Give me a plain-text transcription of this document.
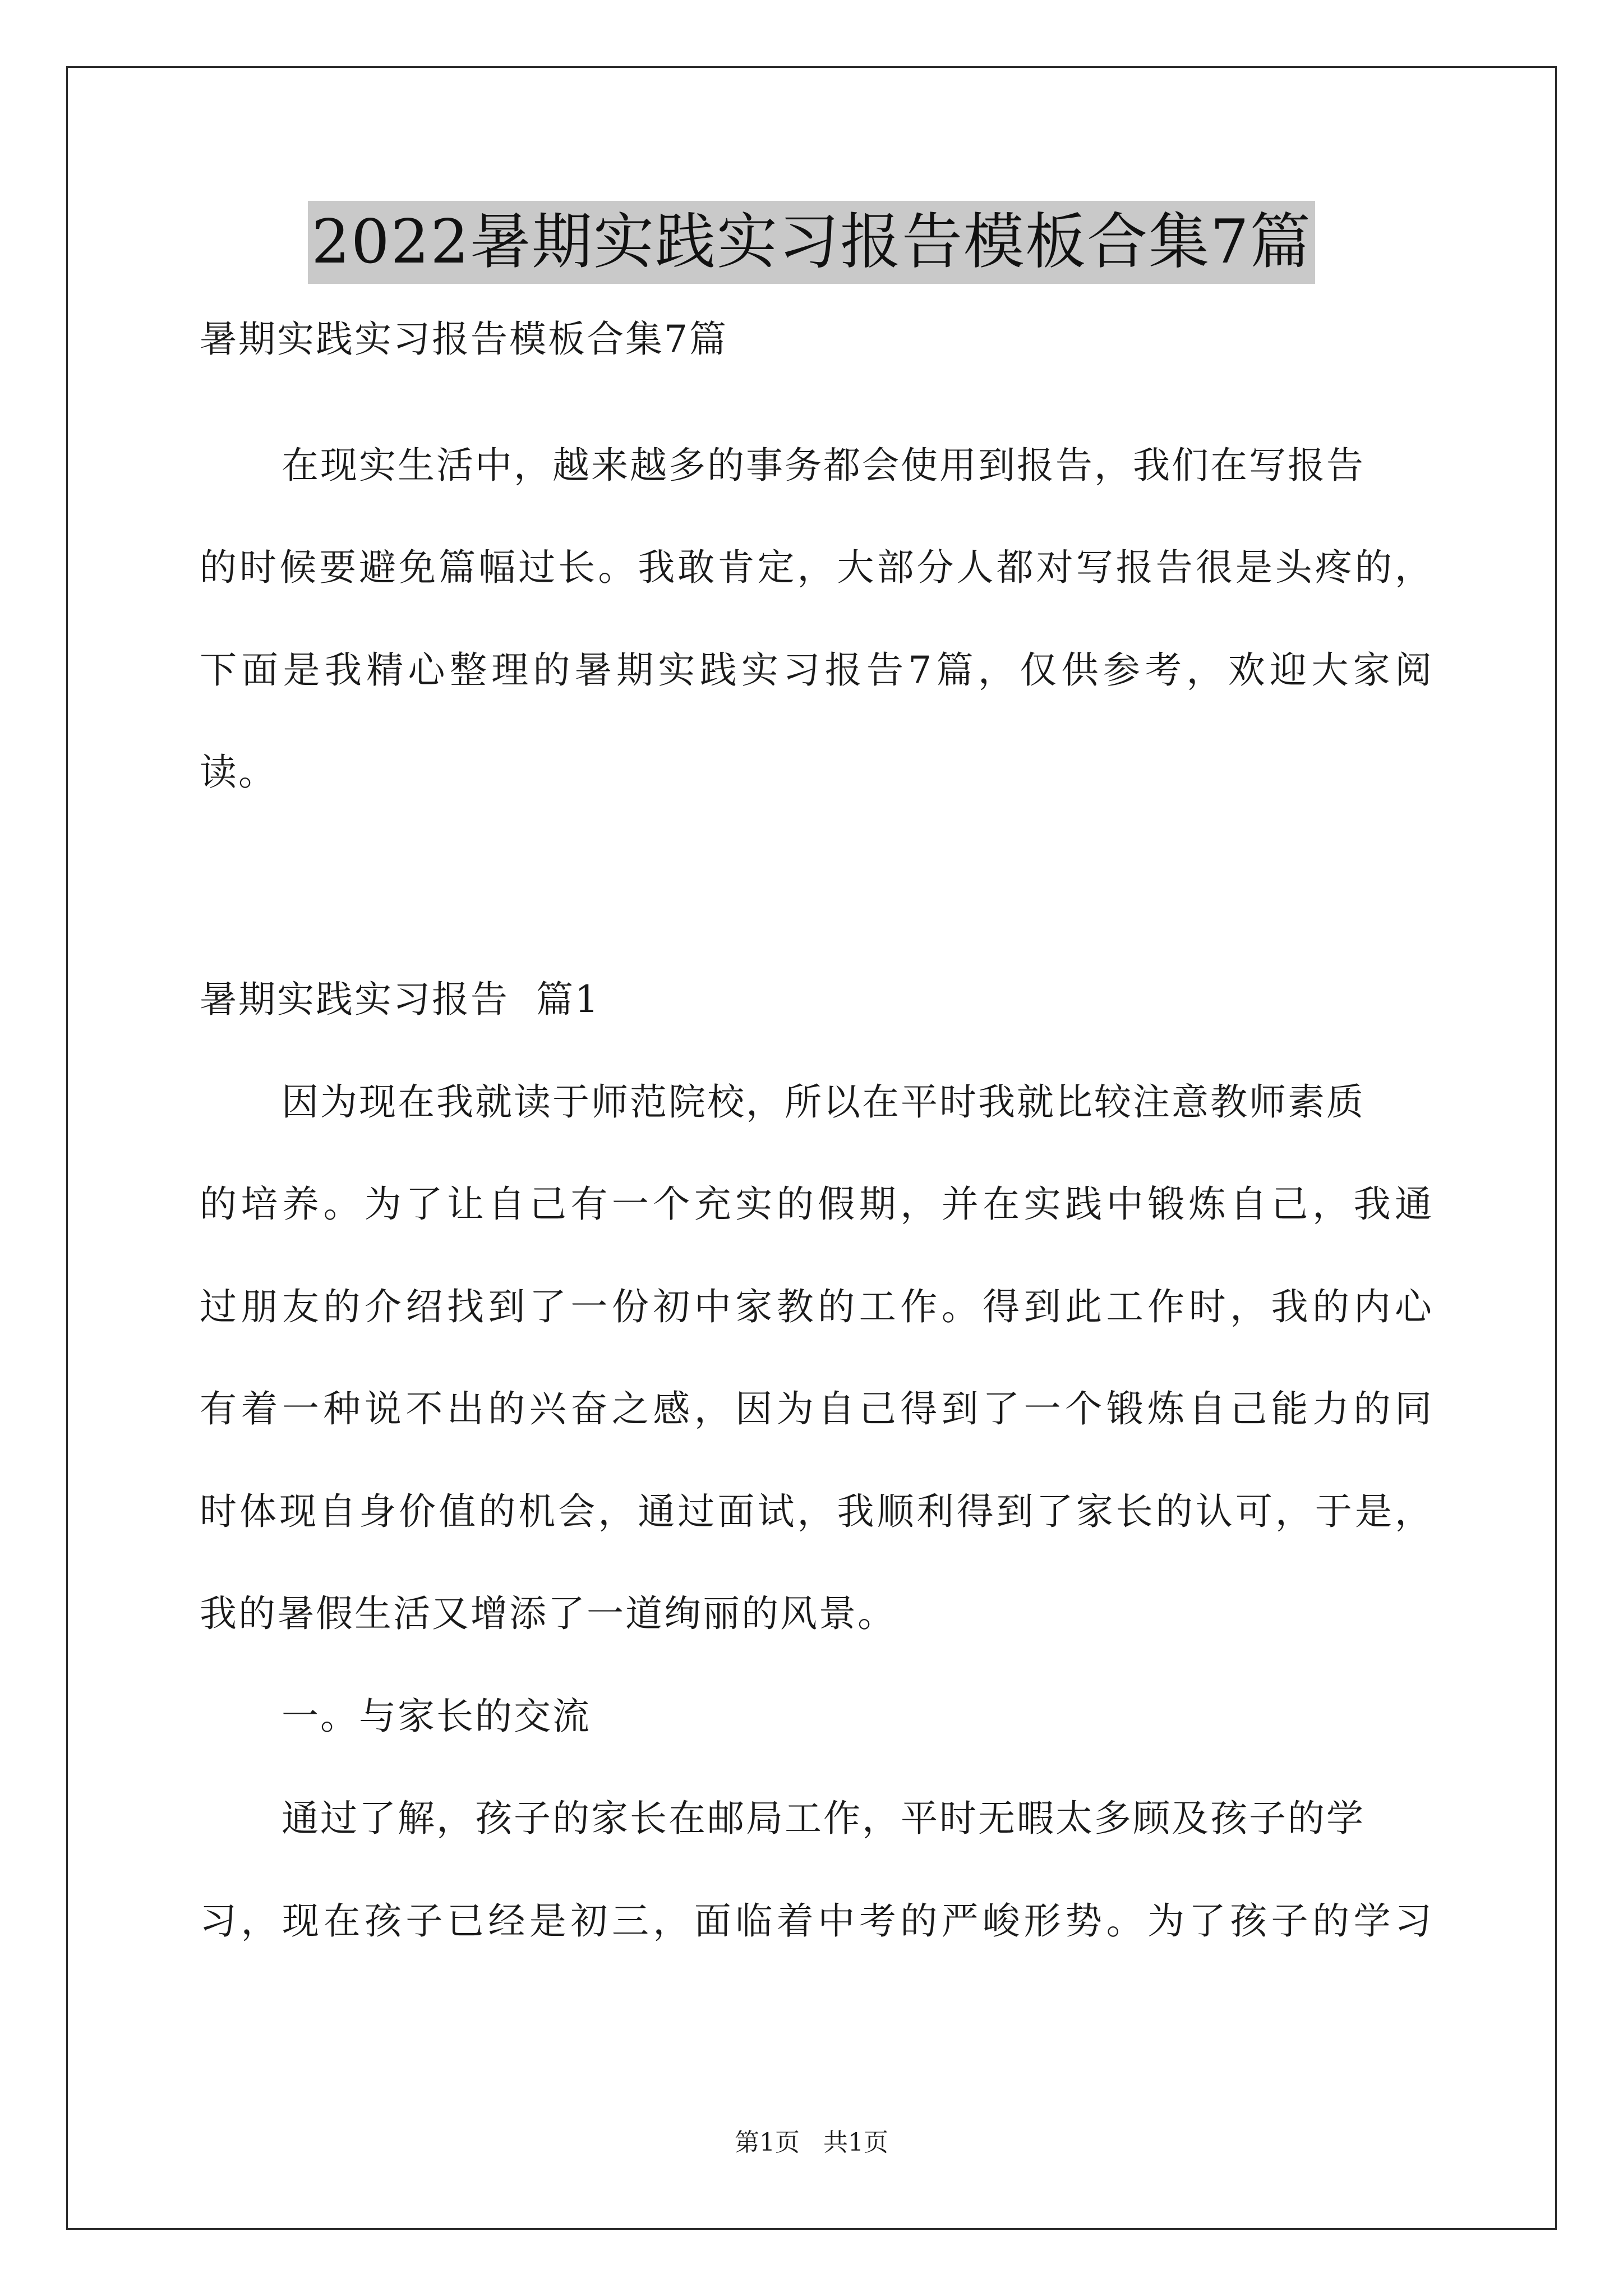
2022暑期实践实习报告模板合集7篇
暑期实践实习报告模板合集7篇
在现实生活中，越来越多的事务都会使用到报告，我们在写报告
的时候要避免篇幅过长。我敢肯定，大部分人都对写报告很是头疼的，
下面是我精心整理的暑期实践实习报告7篇，仅供参考，欢迎大家阅
读。
暑期实践实习报告  篇1
因为现在我就读于师范院校，所以在平时我就比较注意教师素质
的培养。为了让自己有一个充实的假期，并在实践中锻炼自己，我通
过朋友的介绍找到了一份初中家教的工作。得到此工作时，我的内心
有着一种说不出的兴奋之感，因为自己得到了一个锻炼自己能力的同
时体现自身价值的机会，通过面试，我顺利得到了家长的认可，于是，
我的暑假生活又增添了一道绚丽的风景。
一。与家长的交流
通过了解，孩子的家长在邮局工作，平时无暇太多顾及孩子的学
习，现在孩子已经是初三，面临着中考的严峻形势。为了孩子的学习
第1页 共1页
